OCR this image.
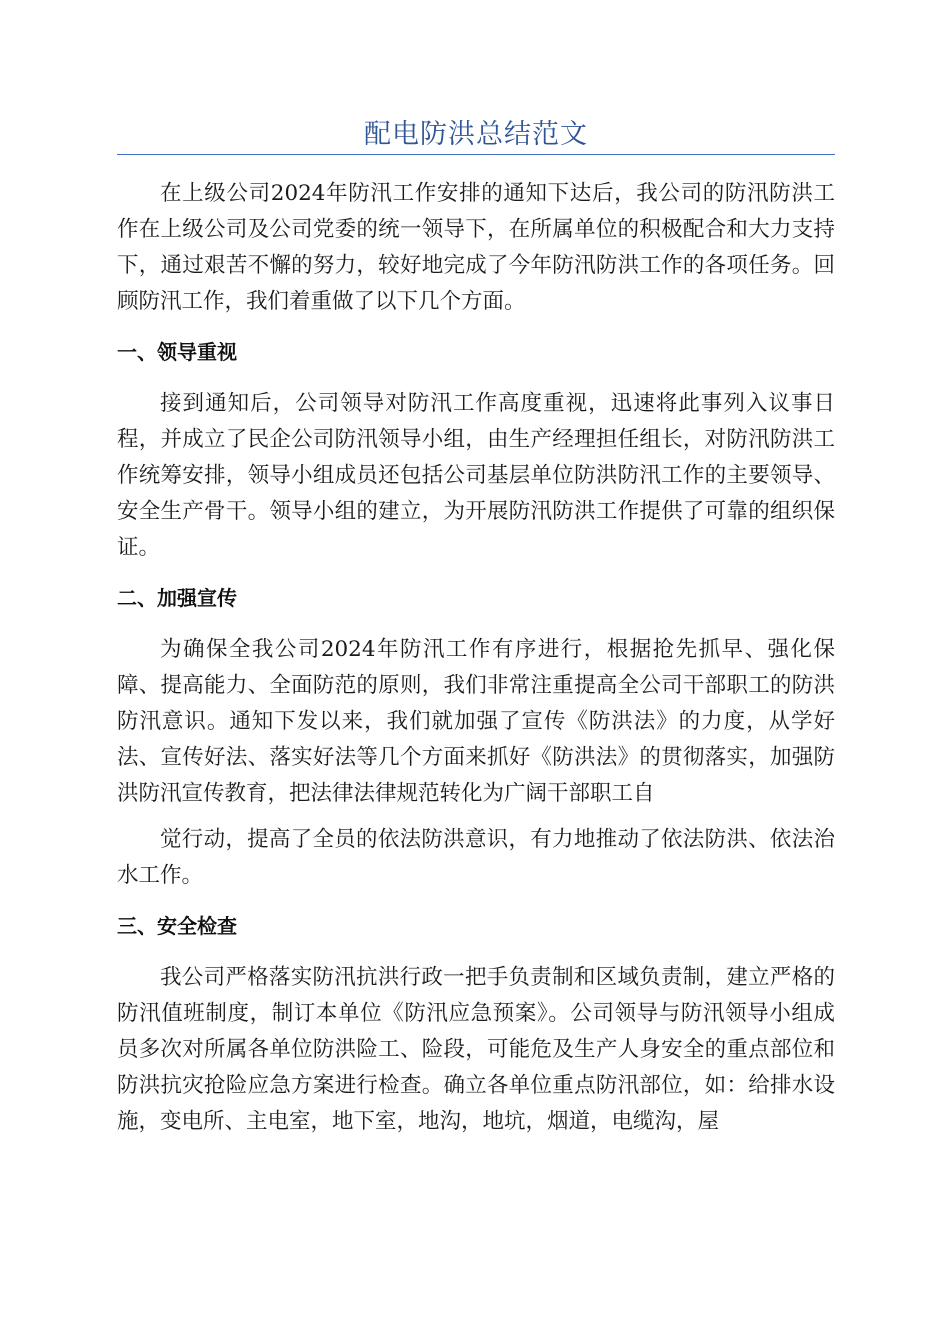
配电防洪总结范文

在上级公司2024年防汛工作安排的通知下达后，我公司的防汛防洪工作在上级公司及公司党委的统一领导下，在所属单位的积极配合和大力支持下，通过艰苦不懈的努力，较好地完成了今年防汛防洪工作的各项任务。回顾防汛工作，我们着重做了以下几个方面。

一、领导重视

接到通知后，公司领导对防汛工作高度重视，迅速将此事列入议事日程，并成立了民企公司防汛领导小组，由生产经理担任组长，对防汛防洪工作统筹安排，领导小组成员还包括公司基层单位防洪防汛工作的主要领导、安全生产骨干。领导小组的建立，为开展防汛防洪工作提供了可靠的组织保证。

二、加强宣传

为确保全我公司2024年防汛工作有序进行，根据抢先抓早、强化保障、提高能力、全面防范的原则，我们非常注重提高全公司干部职工的防洪防汛意识。通知下发以来，我们就加强了宣传《防洪法》的力度，从学好法、宣传好法、落实好法等几个方面来抓好《防洪法》的贯彻落实，加强防洪防汛宣传教育，把法律法律规范转化为广阔干部职工自

觉行动，提高了全员的依法防洪意识，有力地推动了依法防洪、依法治水工作。

三、安全检查

我公司严格落实防汛抗洪行政一把手负责制和区域负责制，建立严格的防汛值班制度，制订本单位《防汛应急预案》。公司领导与防汛领导小组成员多次对所属各单位防洪险工、险段，可能危及生产人身安全的重点部位和防洪抗灾抢险应急方案进行检查。确立各单位重点防汛部位，如：给排水设施，变电所、主电室，地下室，地沟，地坑，烟道，电缆沟，屋
